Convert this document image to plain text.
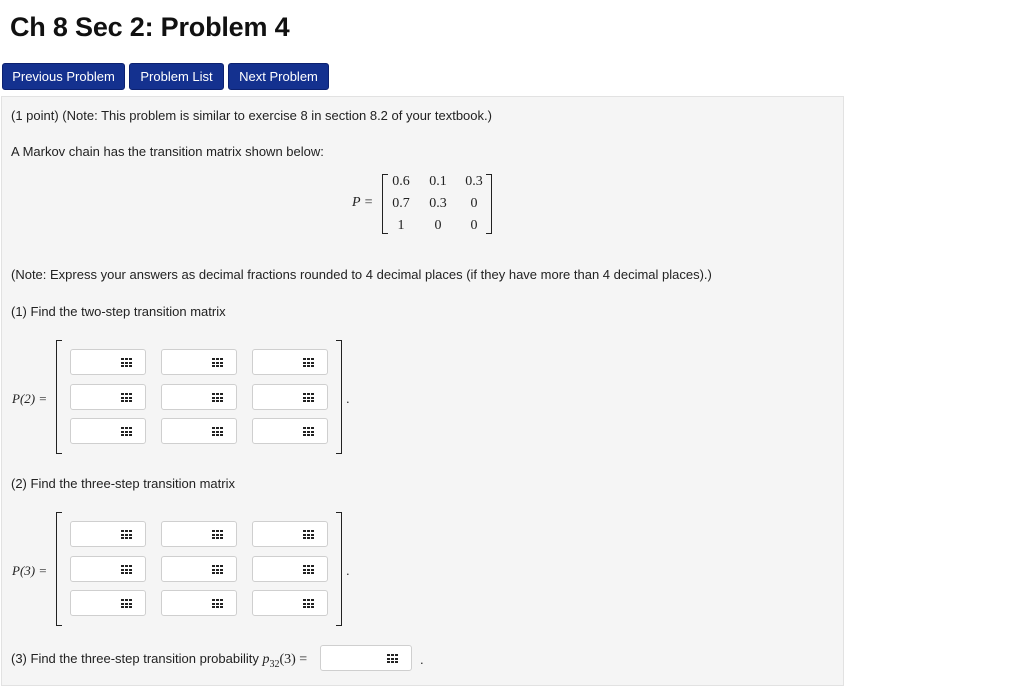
Ch 8 Sec 2: Problem 4
Previous Problem	Problem List	Next Problem
(1 point) (Note: This problem is similar to exercise 8 in section 8.2 of your textbook.)
A Markov chain has the transition matrix shown below:
P =
0.6	0.1	0.3
0.7	0.3	0
1	0	0
(Note: Express your answers as decimal fractions rounded to 4 decimal places (if they have more than 4 decimal places).)
(1) Find the two-step transition matrix
P(2) =	.
(2) Find the three-step transition matrix
P(3) =	.
(3) Find the three-step transition probability $p_{32}(3)$ =	.
